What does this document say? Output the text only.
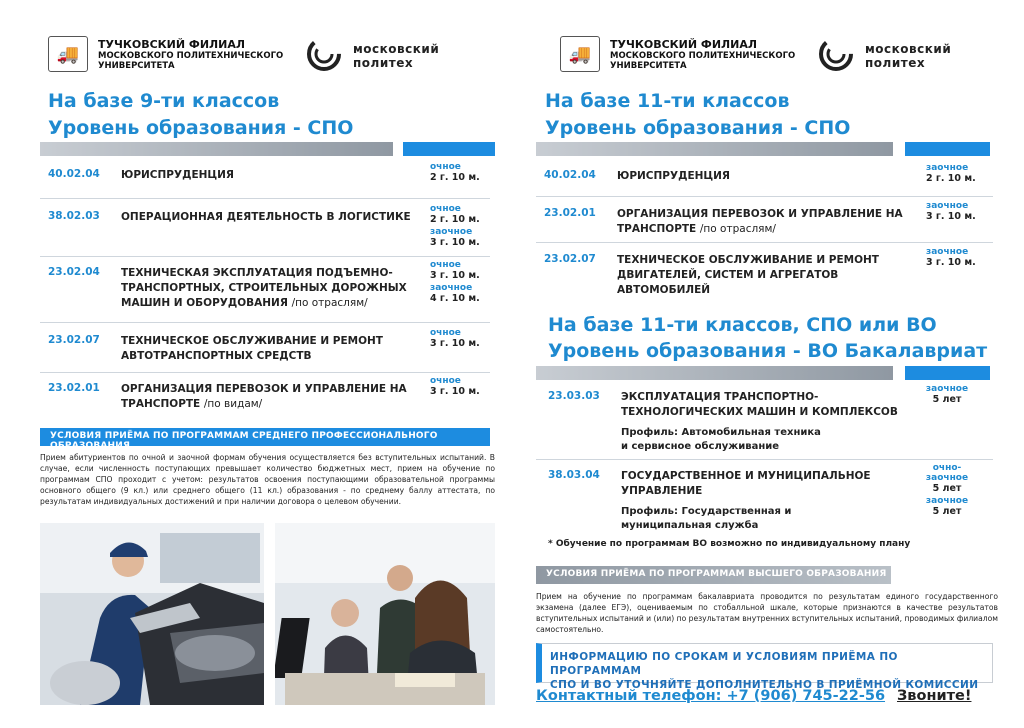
🚚	ТУЧКОВСКИЙ ФИЛИАЛ
МОСКОВСКОГО ПОЛИТЕХНИЧЕСКОГО
УНИВЕРСИТЕТА
московский
политех
На базе 9-ти классов
Уровень образования - СПО
40.02.04 ЮРИСПРУДЕНЦИЯ
очное
2 г. 10 м.
38.02.03 ОПЕРАЦИОННАЯ ДЕЯТЕЛЬНОСТЬ В ЛОГИСТИКЕ
очное
2 г. 10 м.
заочное
3 г. 10 м.
23.02.04 ТЕХНИЧЕСКАЯ ЭКСПЛУАТАЦИЯ ПОДЪЕМНО-ТРАНСПОРТНЫХ, СТРОИТЕЛЬНЫХ ДОРОЖНЫХ МАШИН И ОБОРУДОВАНИЯ /по отраслям/
очное
3 г. 10 м.
заочное
4 г. 10 м.
23.02.07 ТЕХНИЧЕСКОЕ ОБСЛУЖИВАНИЕ И РЕМОНТ АВТОТРАНСПОРТНЫХ СРЕДСТВ
очное
3 г. 10 м.
23.02.01 ОРГАНИЗАЦИЯ ПЕРЕВОЗОК И УПРАВЛЕНИЕ НА ТРАНСПОРТЕ /по видам/
очное
3 г. 10 м.
УСЛОВИЯ ПРИЁМА ПО ПРОГРАММАМ СРЕДНЕГО ПРОФЕССИОНАЛЬНОГО ОБРАЗОВАНИЯ
Прием абитуриентов по очной и заочной формам обучения осуществляется без вступительных испытаний. В случае, если численность поступающих превышает количество бюджетных мест, прием на обучение по программам СПО проходит с учетом: результатов освоения поступающими образовательной программы основного общего (9 кл.) или среднего общего (11 кл.) образования - по среднему баллу аттестата, по результатам индивидуальных достижений и при наличии договора о целевом обучении.
🚚	ТУЧКОВСКИЙ ФИЛИАЛ
МОСКОВСКОГО ПОЛИТЕХНИЧЕСКОГО
УНИВЕРСИТЕТА
московский
политех
На базе 11-ти классов
Уровень образования - СПО
40.02.04 ЮРИСПРУДЕНЦИЯ
заочное
2 г. 10 м.
23.02.01 ОРГАНИЗАЦИЯ ПЕРЕВОЗОК И УПРАВЛЕНИЕ НА ТРАНСПОРТЕ /по отраслям/
заочное
3 г. 10 м.
23.02.07 ТЕХНИЧЕСКОЕ ОБСЛУЖИВАНИЕ И РЕМОНТ ДВИГАТЕЛЕЙ, СИСТЕМ И АГРЕГАТОВ АВТОМОБИЛЕЙ
заочное
3 г. 10 м.
На базе 11-ти классов, СПО или ВО
Уровень образования - ВО Бакалавриат
23.03.03 ЭКСПЛУАТАЦИЯ ТРАНСПОРТНО-ТЕХНОЛОГИЧЕСКИХ МАШИН И КОМПЛЕКСОВ
Профиль: Автомобильная техника и сервисное обслуживание
заочное
5 лет
38.03.04 ГОСУДАРСТВЕННОЕ И МУНИЦИПАЛЬНОЕ УПРАВЛЕНИЕ
Профиль: Государственная и муниципальная служба
очно-заочное
5 лет
заочное
5 лет
* Обучение по программам ВО возможно по индивидуальному плану
УСЛОВИЯ ПРИЁМА ПО ПРОГРАММАМ ВЫСШЕГО ОБРАЗОВАНИЯ
Прием на обучение по программам бакалавриата проводится по результатам единого государственного экзамена (далее ЕГЭ), оцениваемым по стобалльной шкале, которые признаются в качестве результатов вступительных испытаний и (или) по результатам внутренних вступительных испытаний, проводимых филиалом самостоятельно.
ИНФОРМАЦИЮ ПО СРОКАМ И УСЛОВИЯМ ПРИЁМА ПО ПРОГРАММАМ
СПО И ВО УТОЧНЯЙТЕ ДОПОЛНИТЕЛЬНО В ПРИЁМНОЙ КОМИССИИ
Контактный телефон: +7 (906) 745-22-56 Звоните!
